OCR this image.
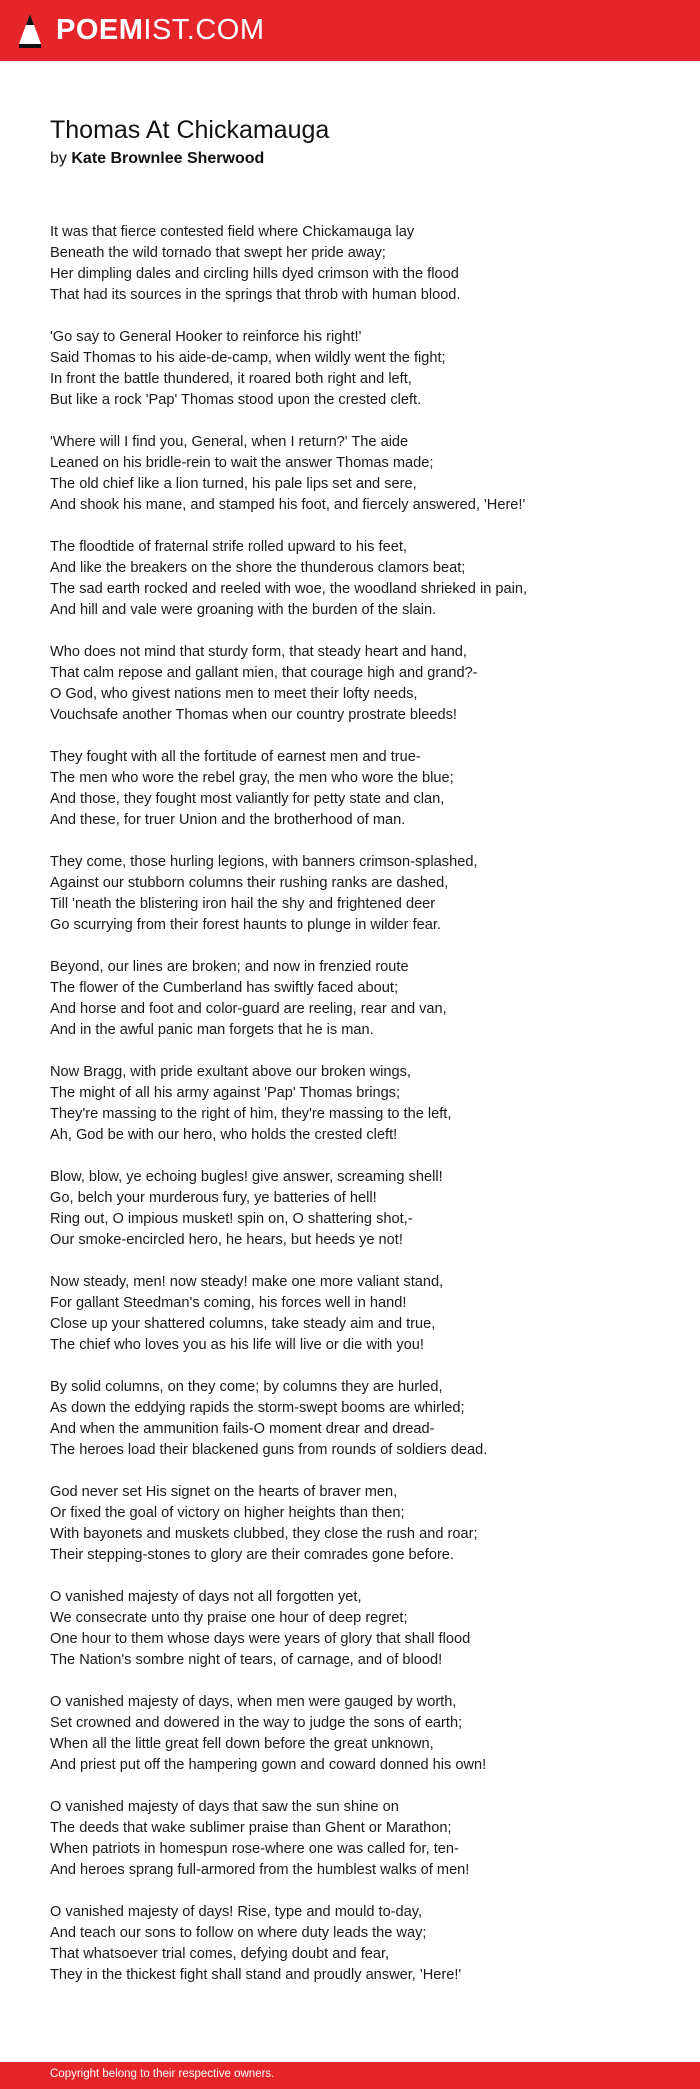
POEMIST.COM
Thomas At Chickamauga
by Kate Brownlee Sherwood
It was that fierce contested field where Chickamauga lay
Beneath the wild tornado that swept her pride away;
Her dimpling dales and circling hills dyed crimson with the flood
That had its sources in the springs that throb with human blood.
'Go say to General Hooker to reinforce his right!'
Said Thomas to his aide-de-camp, when wildly went the fight;
In front the battle thundered, it roared both right and left,
But like a rock 'Pap' Thomas stood upon the crested cleft.
'Where will I find you, General, when I return?' The aide
Leaned on his bridle-rein to wait the answer Thomas made;
The old chief like a lion turned, his pale lips set and sere,
And shook his mane, and stamped his foot, and fiercely answered, 'Here!'
The floodtide of fraternal strife rolled upward to his feet,
And like the breakers on the shore the thunderous clamors beat;
The sad earth rocked and reeled with woe, the woodland shrieked in pain,
And hill and vale were groaning with the burden of the slain.
Who does not mind that sturdy form, that steady heart and hand,
That calm repose and gallant mien, that courage high and grand?-
O God, who givest nations men to meet their lofty needs,
Vouchsafe another Thomas when our country prostrate bleeds!
They fought with all the fortitude of earnest men and true-
The men who wore the rebel gray, the men who wore the blue;
And those, they fought most valiantly for petty state and clan,
And these, for truer Union and the brotherhood of man.
They come, those hurling legions, with banners crimson-splashed,
Against our stubborn columns their rushing ranks are dashed,
Till 'neath the blistering iron hail the shy and frightened deer
Go scurrying from their forest haunts to plunge in wilder fear.
Beyond, our lines are broken; and now in frenzied route
The flower of the Cumberland has swiftly faced about;
And horse and foot and color-guard are reeling, rear and van,
And in the awful panic man forgets that he is man.
Now Bragg, with pride exultant above our broken wings,
The might of all his army against 'Pap' Thomas brings;
They're massing to the right of him, they're massing to the left,
Ah, God be with our hero, who holds the crested cleft!
Blow, blow, ye echoing bugles! give answer, screaming shell!
Go, belch your murderous fury, ye batteries of hell!
Ring out, O impious musket! spin on, O shattering shot,-
Our smoke-encircled hero, he hears, but heeds ye not!
Now steady, men! now steady! make one more valiant stand,
For gallant Steedman's coming, his forces well in hand!
Close up your shattered columns, take steady aim and true,
The chief who loves you as his life will live or die with you!
By solid columns, on they come; by columns they are hurled,
As down the eddying rapids the storm-swept booms are whirled;
And when the ammunition fails-O moment drear and dread-
The heroes load their blackened guns from rounds of soldiers dead.
God never set His signet on the hearts of braver men,
Or fixed the goal of victory on higher heights than then;
With bayonets and muskets clubbed, they close the rush and roar;
Their stepping-stones to glory are their comrades gone before.
O vanished majesty of days not all forgotten yet,
We consecrate unto thy praise one hour of deep regret;
One hour to them whose days were years of glory that shall flood
The Nation's sombre night of tears, of carnage, and of blood!
O vanished majesty of days, when men were gauged by worth,
Set crowned and dowered in the way to judge the sons of earth;
When all the little great fell down before the great unknown,
And priest put off the hampering gown and coward donned his own!
O vanished majesty of days that saw the sun shine on
The deeds that wake sublimer praise than Ghent or Marathon;
When patriots in homespun rose-where one was called for, ten-
And heroes sprang full-armored from the humblest walks of men!
O vanished majesty of days! Rise, type and mould to-day,
And teach our sons to follow on where duty leads the way;
That whatsoever trial comes, defying doubt and fear,
They in the thickest fight shall stand and proudly answer, 'Here!'
Copyright belong to their respective owners.
